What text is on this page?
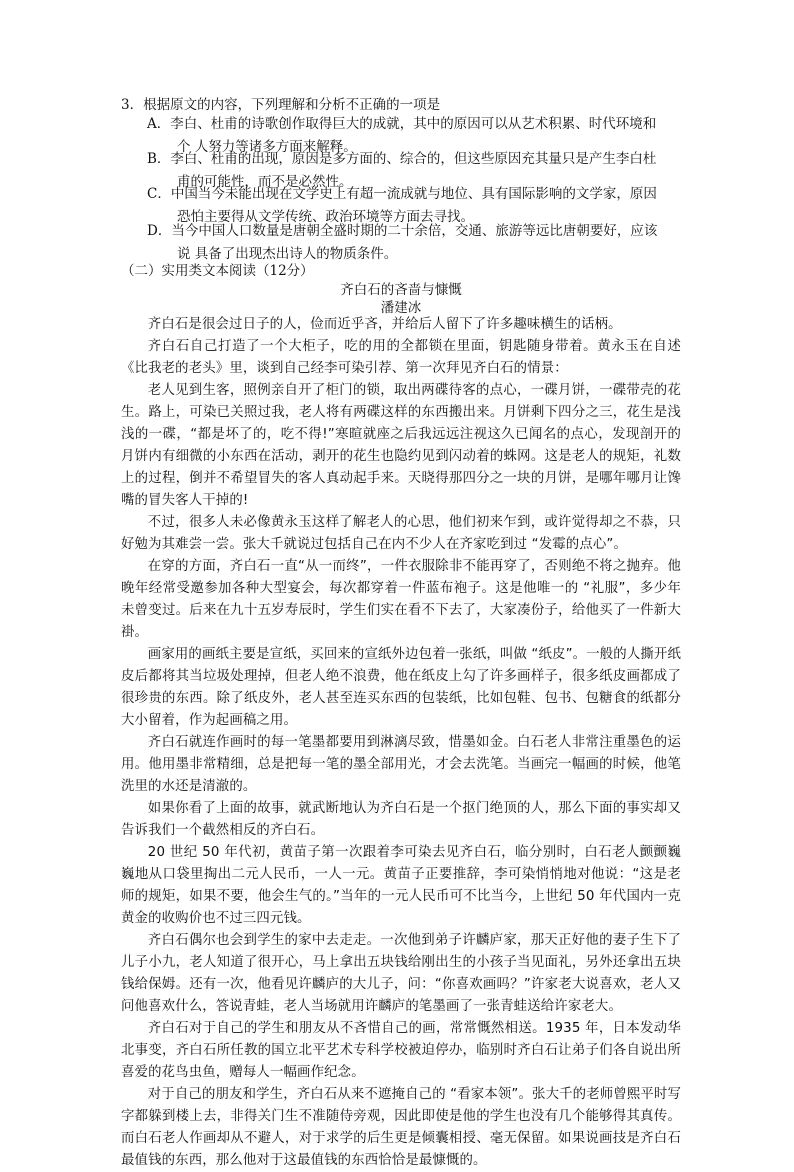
3．根据原文的内容，下列理解和分析不正确的一项是
A．李白、杜甫的诗歌创作取得巨大的成就，其中的原因可以从艺术积累、时代环境和
个 人努力等诸多方面来解释。
B．李白、杜甫的出现，原因是多方面的、综合的，但这些原因充其量只是产生李白杜
甫的可能性，而不是必然性。
C．中国当今未能出现在文学史上有超一流成就与地位、具有国际影响的文学家，原因
恐怕主要得从文学传统、政治环境等方面去寻找。
D．当今中国人口数量是唐朝全盛时期的二十余倍，交通、旅游等远比唐朝要好，应该
说 具备了出现杰出诗人的物质条件。
（二）实用类文本阅读（12分）
齐白石的吝啬与慷慨
潘建冰

齐白石是很会过日子的人，俭而近乎吝，并给后人留下了许多趣味横生的话柄。

齐白石自己打造了一个大柜子，吃的用的全都锁在里面，钥匙随身带着。黄永玉在自述《比我老的老头》里，谈到自己经李可染引荐、第一次拜见齐白石的情景：

老人见到生客，照例亲自开了柜门的锁，取出两碟待客的点心，一碟月饼，一碟带壳的花生。路上，可染已关照过我，老人将有两碟这样的东西搬出来。月饼剩下四分之三，花生是浅浅的一碟，“都是坏了的，吃不得!”寒暄就座之后我远远注视这久已闻名的点心，发现剖开的月饼内有细微的小东西在活动，剥开的花生也隐约见到闪动着的蛛网。这是老人的规矩，礼数上的过程，倒并不希望冒失的客人真动起手来。天晓得那四分之一块的月饼，是哪年哪月让馋嘴的冒失客人干掉的!

不过，很多人未必像黄永玉这样了解老人的心思，他们初来乍到，或许觉得却之不恭，只好勉为其难尝一尝。张大千就说过包括自己在内不少人在齐家吃到过 “发霉的点心”。

在穿的方面，齐白石一直“从一而终”，一件衣服除非不能再穿了，否则绝不将之抛弃。他晚年经常受邀参加各种大型宴会，每次都穿着一件蓝布袍子。这是他唯一的 “礼服”，多少年未曾变过。后来在九十五岁寿辰时，学生们实在看不下去了，大家凑份子，给他买了一件新大褂。

画家用的画纸主要是宣纸，买回来的宣纸外边包着一张纸，叫做 “纸皮”。一般的人撕开纸皮后都将其当垃圾处理掉，但老人绝不浪费，他在纸皮上勾了许多画样子，很多纸皮画都成了很珍贵的东西。除了纸皮外，老人甚至连买东西的包装纸，比如包鞋、包书、包糖食的纸都分大小留着，作为起画稿之用。

齐白石就连作画时的每一笔墨都要用到淋漓尽致，惜墨如金。白石老人非常注重墨色的运用。他用墨非常精细，总是把每一笔的墨全部用光，才会去洗笔。当画完一幅画的时候，他笔洗里的水还是清澈的。

如果你看了上面的故事，就武断地认为齐白石是一个抠门绝顶的人，那么下面的事实却又告诉我们一个截然相反的齐白石。

20 世纪 50 年代初，黄苗子第一次跟着李可染去见齐白石，临分别时，白石老人颤颤巍巍地从口袋里掏出二元人民币，一人一元。黄苗子正要推辞，李可染悄悄地对他说：“这是老师的规矩，如果不要，他会生气的。”当年的一元人民币可不比当今，上世纪 50 年代国内一克黄金的收购价也不过三四元钱。

齐白石偶尔也会到学生的家中去走走。一次他到弟子许麟庐家，那天正好他的妻子生下了儿子小九，老人知道了很开心，马上拿出五块钱给刚出生的小孩子当见面礼，另外还拿出五块钱给保姆。还有一次，他看见许麟庐的大儿子，问：“你喜欢画吗？”许家老大说喜欢，老人又问他喜欢什么，答说青蛙，老人当场就用许麟庐的笔墨画了一张青蛙送给许家老大。

齐白石对于自己的学生和朋友从不吝惜自己的画，常常慨然相送。1935 年，日本发动华北事变，齐白石所任教的国立北平艺术专科学校被迫停办，临别时齐白石让弟子们各自说出所喜爱的花鸟虫鱼，赠每人一幅画作纪念。

对于自己的朋友和学生，齐白石从来不遮掩自己的 “看家本领”。张大千的老师曾熙平时写字都躲到楼上去，非得关门生不准随侍旁观，因此即使是他的学生也没有几个能够得其真传。而白石老人作画却从不避人，对于求学的后生更是倾囊相授、毫无保留。如果说画技是齐白石最值钱的东西，那么他对于这最值钱的东西恰恰是最慷慨的。
